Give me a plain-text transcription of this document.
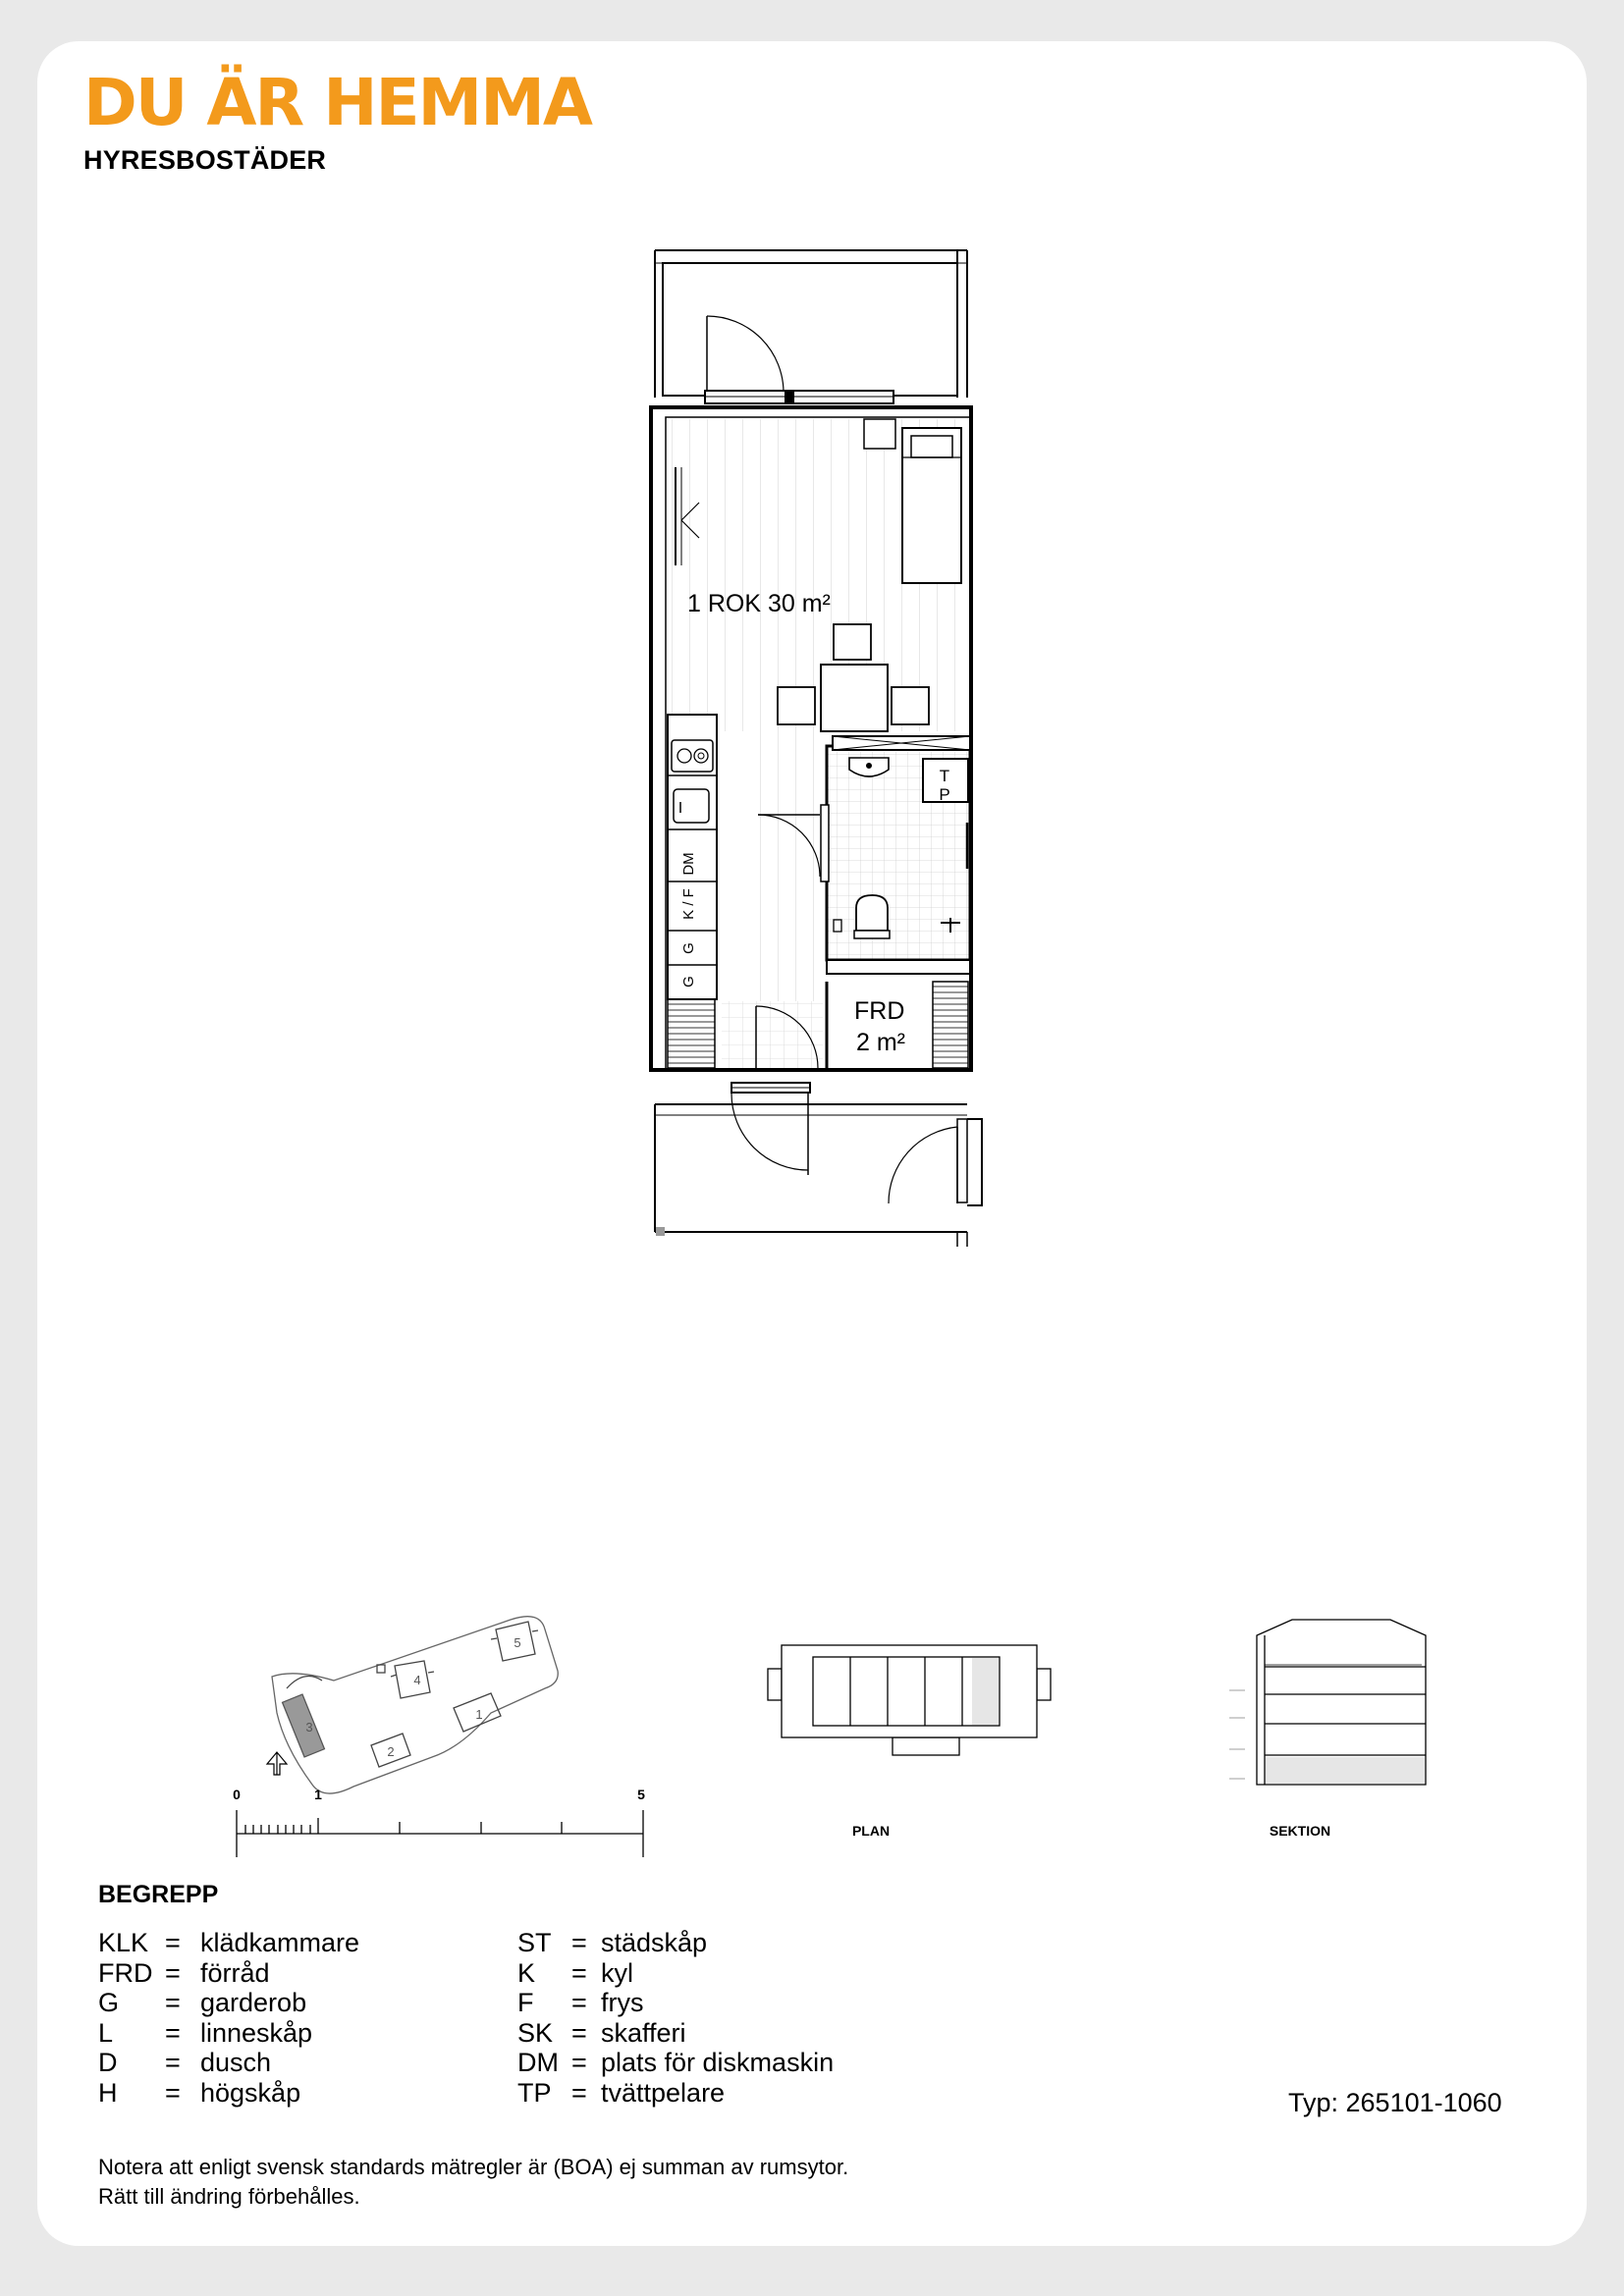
DU ÄR HEMMA
HYRESBOSTÄDER
1 ROK 30 m²
FRD
2 m²
DM
K / F
G
G
T
P
3
4
5
1
2
0	1	5
PLAN	SEKTION
BEGREPP
KLK = klädkammare
FRD = förråd
G	= garderob
L	= linneskåp
D	= dusch
H	= högskåp
ST = städskåp
K	= kyl
F	= frys
SK = skafferi
DM = plats för diskmaskin
TP = tvättpelare	Typ: 265101-1060
Notera att enligt svensk standards mätregler är (BOA) ej summan av rumsytor.
Rätt till ändring förbehålles.
